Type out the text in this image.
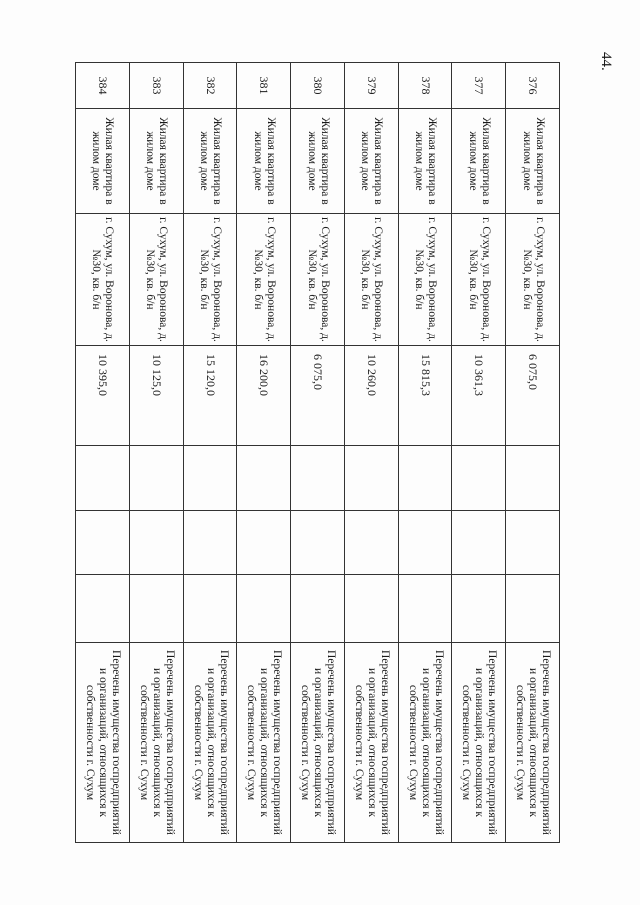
44.
376	Жилая квартира в жилом доме	г. Сухум, ул. Воронова, д.№30, кв. б/н	6 075,0				Перечень имущества госпредприятий и организаций, относящихся к собственности г. Сухум
377	Жилая квартира в жилом доме	г. Сухум, ул. Воронова, д.№30, кв. б/н	10 361,3				Перечень имущества госпредприятий и организаций, относящихся к собственности г. Сухум
378	Жилая квартира в жилом доме	г. Сухум, ул. Воронова, д.№30, кв. б/н	15 815,3				Перечень имущества госпредприятий и организаций, относящихся к собственности г. Сухум
379	Жилая квартира в жилом доме	г. Сухум, ул. Воронова, д.№30, кв. б/н	10 260,0				Перечень имущества госпредприятий и организаций, относящихся к собственности г. Сухум
380	Жилая квартира в жилом доме	г. Сухум, ул. Воронова, д.№30, кв. б/н	6 075,0				Перечень имущества госпредприятий и организаций, относящихся к собственности г. Сухум
381	Жилая квартира в жилом доме	г. Сухум, ул. Воронова, д.№30, кв. б/н	16 200,0				Перечень имущества госпредприятий и организаций, относящихся к собственности г. Сухум
382	Жилая квартира в жилом доме	г. Сухум, ул. Воронова, д.№30, кв. б/н	15 120,0				Перечень имущества госпредприятий и организаций, относящихся к собственности г. Сухум
383	Жилая квартира в жилом доме	г. Сухум, ул. Воронова, д.№30, кв. б/н	10 125,0				Перечень имущества госпредприятий и организаций, относящихся к собственности г. Сухум
384	Жилая квартира в жилом доме	г. Сухум, ул. Воронова, д.№30, кв. б/н	10 395,0				Перечень имущества госпредприятий и организаций, относящихся к собственности г. Сухум
